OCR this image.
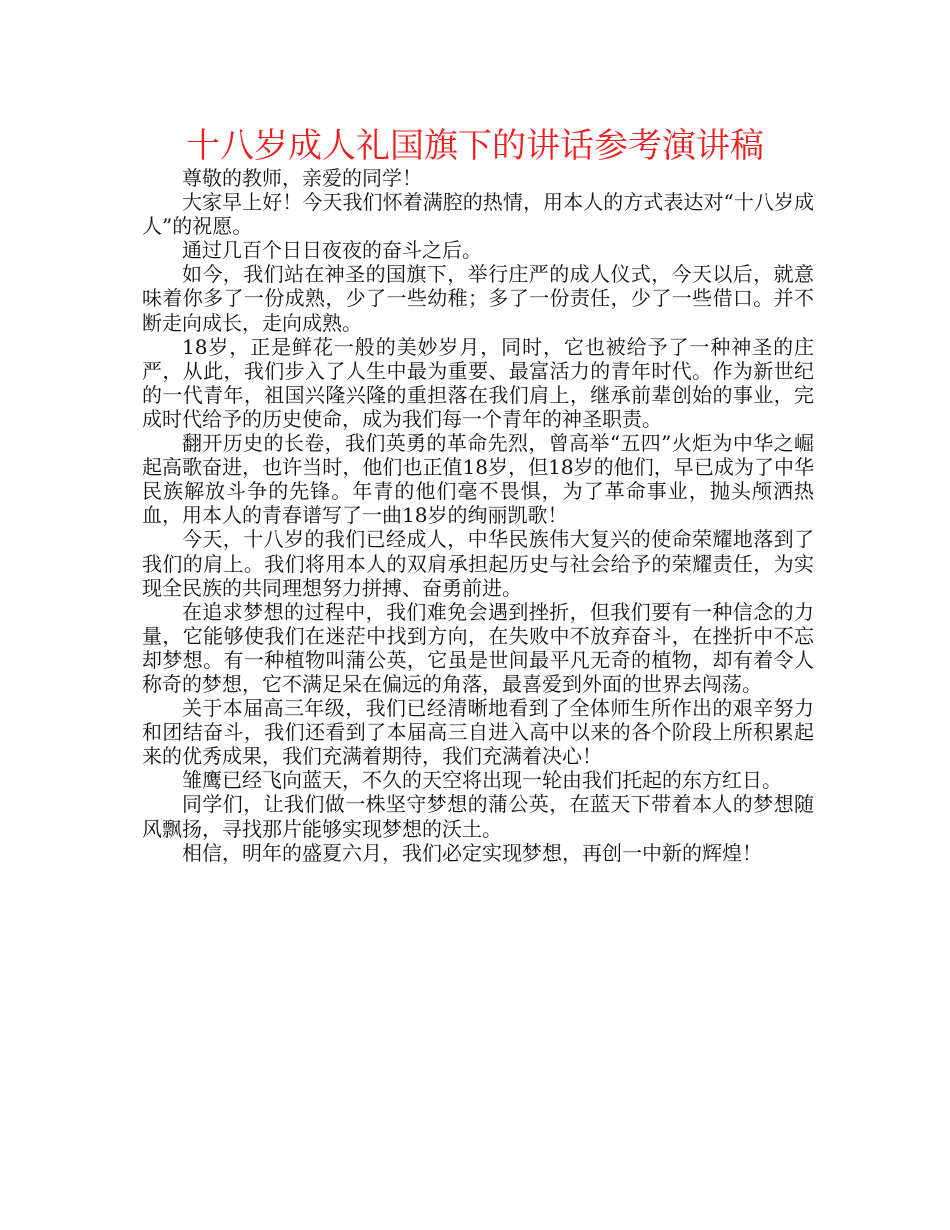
十八岁成人礼国旗下的讲话参考演讲稿

尊敬的教师，亲爱的同学！

大家早上好！今天我们怀着满腔的热情，用本人的方式表达对“十八岁成人”的祝愿。

通过几百个日日夜夜的奋斗之后。

如今，我们站在神圣的国旗下，举行庄严的成人仪式，今天以后，就意味着你多了一份成熟，少了一些幼稚；多了一份责任，少了一些借口。并不断走向成长，走向成熟。

18岁，正是鲜花一般的美妙岁月，同时，它也被给予了一种神圣的庄严，从此，我们步入了人生中最为重要、最富活力的青年时代。作为新世纪的一代青年，祖国兴隆兴隆的重担落在我们肩上，继承前辈创始的事业，完成时代给予的历史使命，成为我们每一个青年的神圣职责。

翻开历史的长卷，我们英勇的革命先烈，曾高举“五四”火炬为中华之崛起高歌奋进，也许当时，他们也正值18岁，但18岁的他们，早已成为了中华民族解放斗争的先锋。年青的他们毫不畏惧，为了革命事业，抛头颅洒热血，用本人的青春谱写了一曲18岁的绚丽凯歌！

今天，十八岁的我们已经成人，中华民族伟大复兴的使命荣耀地落到了我们的肩上。我们将用本人的双肩承担起历史与社会给予的荣耀责任，为实现全民族的共同理想努力拼搏、奋勇前进。

在追求梦想的过程中，我们难免会遇到挫折，但我们要有一种信念的力量，它能够使我们在迷茫中找到方向，在失败中不放弃奋斗，在挫折中不忘却梦想。有一种植物叫蒲公英，它虽是世间最平凡无奇的植物，却有着令人称奇的梦想，它不满足呆在偏远的角落，最喜爱到外面的世界去闯荡。

关于本届高三年级，我们已经清晰地看到了全体师生所作出的艰辛努力和团结奋斗，我们还看到了本届高三自进入高中以来的各个阶段上所积累起来的优秀成果，我们充满着期待，我们充满着决心！

雏鹰已经飞向蓝天，不久的天空将出现一轮由我们托起的东方红日。

同学们，让我们做一株坚守梦想的蒲公英，在蓝天下带着本人的梦想随风飘扬，寻找那片能够实现梦想的沃土。

相信，明年的盛夏六月，我们必定实现梦想，再创一中新的辉煌！
